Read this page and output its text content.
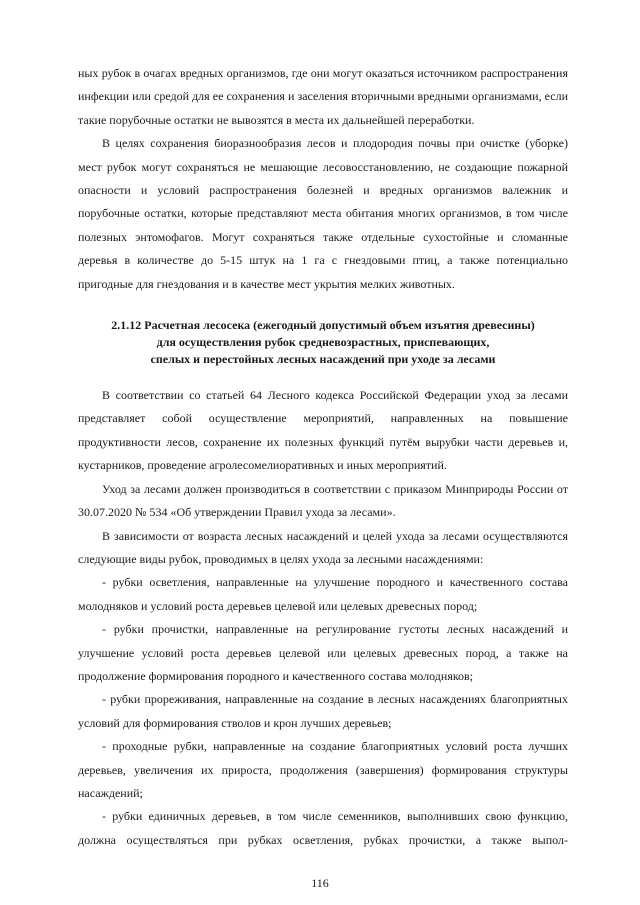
ных рубок в очагах вредных организмов, где они могут оказаться источником распространения инфекции или средой для ее сохранения и заселения вторичными вредными организмами, если такие порубочные остатки не вывозятся в места их дальнейшей переработки.

В целях сохранения биоразнообразия лесов и плодородия почвы при очистке (уборке) мест рубок могут сохраняться не мешающие лесовосстановлению, не создающие пожарной опасности и условий распространения болезней и вредных организмов валежник и порубочные остатки, которые представляют места обитания многих организмов, в том числе полезных энтомофагов. Могут сохраняться также отдельные сухостойные и сломанные деревья в количестве до 5-15 штук на 1 га с гнездовыми птиц, а также потенциально пригодные для гнездования и в качестве мест укрытия мелких животных.

2.1.12 Расчетная лесосека (ежегодный допустимый объем изъятия древесины)
для осуществления рубок средневозрастных, приспевающих,
спелых и перестойных лесных насаждений при уходе за лесами

В соответствии со статьей 64 Лесного кодекса Российской Федерации уход за лесами представляет собой осуществление мероприятий, направленных на повышение продуктивности лесов, сохранение их полезных функций путём вырубки части деревьев и, кустарников, проведение агролесомелиоративных и иных мероприятий.

Уход за лесами должен производиться в соответствии с приказом Минприроды России от 30.07.2020 № 534 «Об утверждении Правил ухода за лесами».

В зависимости от возраста лесных насаждений и целей ухода за лесами осуществляются следующие виды рубок, проводимых в целях ухода за лесными насаждениями:

- рубки осветления, направленные на улучшение породного и качественного состава молодняков и условий роста деревьев целевой или целевых древесных пород;

- рубки прочистки, направленные на регулирование густоты лесных насаждений и улучшение условий роста деревьев целевой или целевых древесных пород, а также на продолжение формирования породного и качественного состава молодняков;

- рубки прореживания, направленные на создание в лесных насаждениях благоприятных условий для формирования стволов и крон лучших деревьев;

- проходные рубки, направленные на создание благоприятных условий роста лучших деревьев, увеличения их прироста, продолжения (завершения) формирования структуры насаждений;

- рубки единичных деревьев, в том числе семенников, выполнивших свою функцию, должна осуществляться при рубках осветления, рубках прочистки, а также выпол-

116
